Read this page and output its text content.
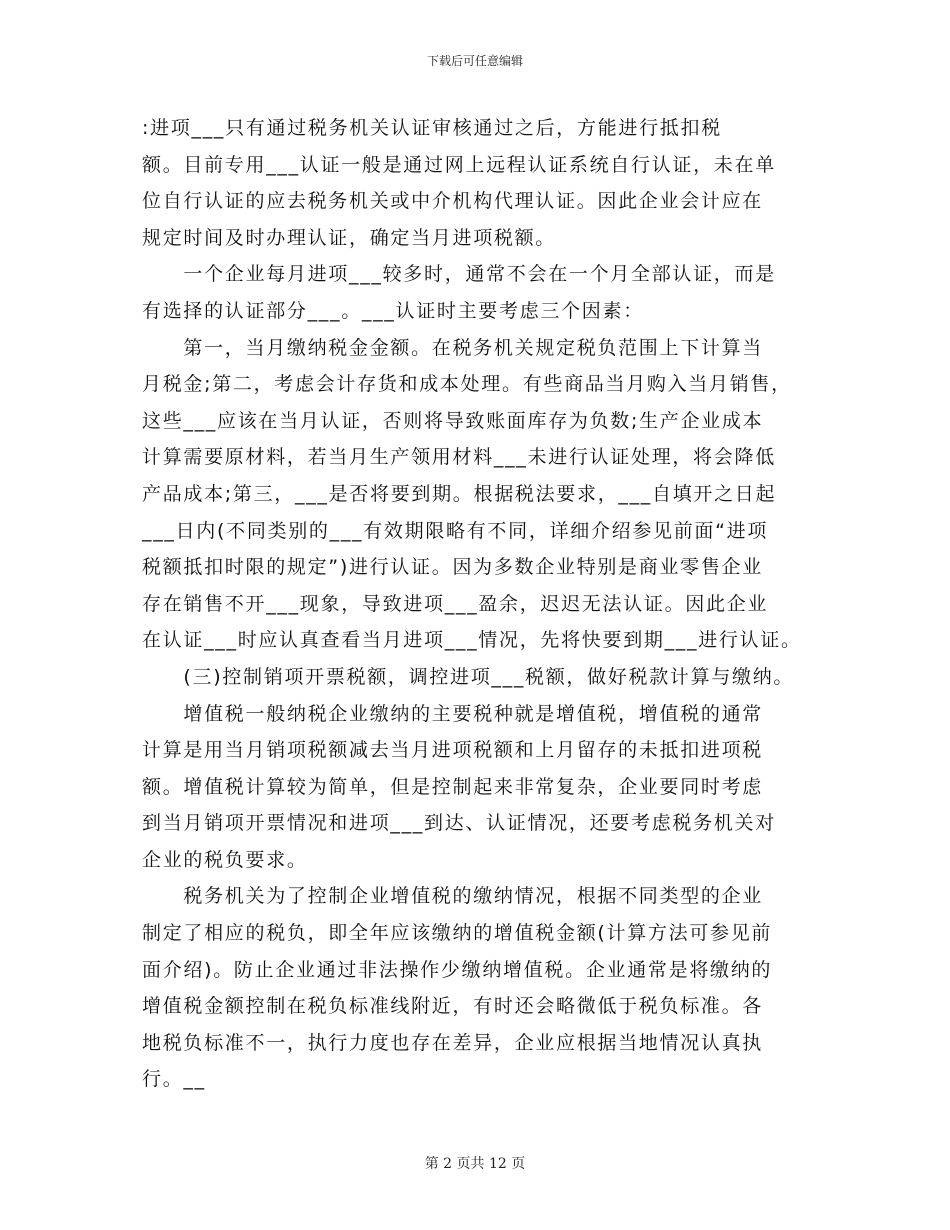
下载后可任意编辑
:进项___只有通过税务机关认证审核通过之后，方能进行抵扣税
额。目前专用___认证一般是通过网上远程认证系统自行认证，未在单
位自行认证的应去税务机关或中介机构代理认证。因此企业会计应在
规定时间及时办理认证，确定当月进项税额。
　　一个企业每月进项___较多时，通常不会在一个月全部认证，而是
有选择的认证部分___。___认证时主要考虑三个因素：
　　第一，当月缴纳税金金额。在税务机关规定税负范围上下计算当
月税金;第二，考虑会计存货和成本处理。有些商品当月购入当月销售，
这些___应该在当月认证，否则将导致账面库存为负数;生产企业成本
计算需要原材料，若当月生产领用材料___未进行认证处理，将会降低
产品成本;第三，___是否将要到期。根据税法要求，___自填开之日起
___日内(不同类别的___有效期限略有不同，详细介绍参见前面“进项
税额抵扣时限的规定”)进行认证。因为多数企业特别是商业零售企业
存在销售不开___现象，导致进项___盈余，迟迟无法认证。因此企业
在认证___时应认真查看当月进项___情况，先将快要到期___进行认证。
　　(三)控制销项开票税额，调控进项___税额，做好税款计算与缴纳。
　　增值税一般纳税企业缴纳的主要税种就是增值税，增值税的通常
计算是用当月销项税额减去当月进项税额和上月留存的未抵扣进项税
额。增值税计算较为简单，但是控制起来非常复杂，企业要同时考虑
到当月销项开票情况和进项___到达、认证情况，还要考虑税务机关对
企业的税负要求。
　　税务机关为了控制企业增值税的缴纳情况，根据不同类型的企业
制定了相应的税负，即全年应该缴纳的增值税金额(计算方法可参见前
面介绍)。防止企业通过非法操作少缴纳增值税。企业通常是将缴纳的
增值税金额控制在税负标准线附近，有时还会略微低于税负标准。各
地税负标准不一，执行力度也存在差异，企业应根据当地情况认真执
行。__
第 2 页共 12 页
